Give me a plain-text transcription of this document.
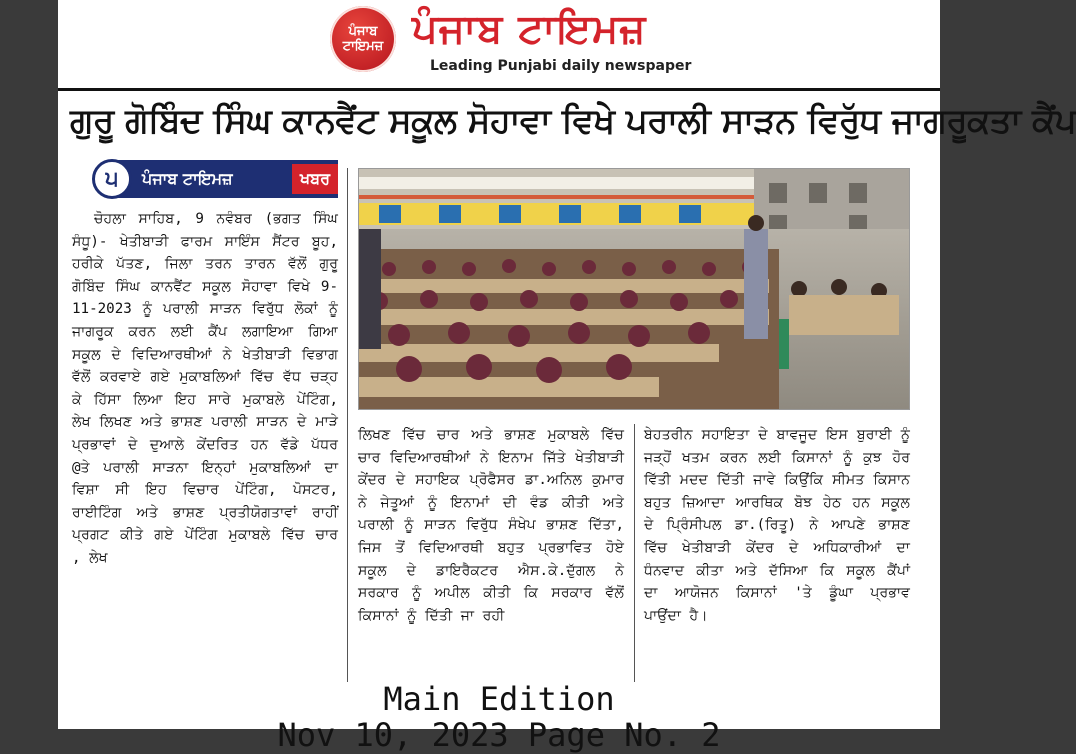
ਪੰਜਾਬ
ਟਾਇਮਜ਼ ਪੰਜਾਬ ਟਾਇਮਜ਼
Leading Punjabi daily newspaper
ਗੁਰੂ ਗੋਬਿੰਦ ਸਿੰਘ ਕਾਨਵੈਂਟ ਸਕੂਲ ਸੋਹਾਵਾ ਵਿਖੇ ਪਰਾਲੀ ਸਾੜਨ ਵਿਰੁੱਧ ਜਾਗਰੂਕਤਾ ਕੈਂਪ
੫	ਪੰਜਾਬ ਟਾਇਮਜ਼	ਖਬਰ

ਚੋਹਲਾ ਸਾਹਿਬ, 9 ਨਵੰਬਰ (ਭਗਤ ਸਿੰਘ ਸੰਧੂ)- ਖੇਤੀਬਾੜੀ ਫਾਰਮ ਸਾਇੰਸ ਸੈਂਟਰ ਬੂਹ, ਹਰੀਕੇ ਪੱਤਣ, ਜਿਲਾ ਤਰਨ ਤਾਰਨ ਵੱਲੋਂ ਗੁਰੂ ਗੋਬਿੰਦ ਸਿੰਘ ਕਾਨਵੈਂਟ ਸਕੂਲ ਸੋਹਾਵਾ ਵਿਖੇ 9-11-2023 ਨੂੰ ਪਰਾਲੀ ਸਾੜਨ ਵਿਰੁੱਧ ਲੋਕਾਂ ਨੂੰ ਜਾਗਰੂਕ ਕਰਨ ਲਈ ਕੈਂਪ ਲਗਾਇਆ ਗਿਆ ਸਕੂਲ ਦੇ ਵਿਦਿਆਰਥੀਆਂ ਨੇ ਖੇਤੀਬਾੜੀ ਵਿਭਾਗ ਵੱਲੋਂ ਕਰਵਾਏ ਗਏ ਮੁਕਾਬਲਿਆਂ ਵਿੱਚ ਵੱਧ ਚੜ੍ਹ ਕੇ ਹਿੱਸਾ ਲਿਆ ਇਹ ਸਾਰੇ ਮੁਕਾਬਲੇ ਪੇਂਟਿੰਗ, ਲੇਖ ਲਿਖਣ ਅਤੇ ਭਾਸ਼ਣ ਪਰਾਲੀ ਸਾੜਨ ਦੇ ਮਾੜੇ ਪ੍ਰਭਾਵਾਂ ਦੇ ਦੁਆਲੇ ਕੇਂਦਰਿਤ ਹਨ ਵੱਡੇ ਪੱਧਰ @ਤੇ ਪਰਾਲੀ ਸਾੜਨਾ ਇਨ੍ਹਾਂ ਮੁਕਾਬਲਿਆਂ ਦਾ ਵਿਸ਼ਾ ਸੀ ਇਹ ਵਿਚਾਰ ਪੇਂਟਿੰਗ, ਪੋਸਟਰ, ਰਾਈਟਿੰਗ ਅਤੇ ਭਾਸ਼ਣ ਪ੍ਰਤੀਯੋਗਤਾਵਾਂ ਰਾਹੀਂ ਪ੍ਰਗਟ ਕੀਤੇ ਗਏ ਪੇਂਟਿੰਗ ਮੁਕਾਬਲੇ ਵਿੱਚ ਚਾਰ , ਲੇਖ

ਲਿਖਣ ਵਿੱਚ ਚਾਰ ਅਤੇ ਭਾਸ਼ਣ ਮੁਕਾਬਲੇ ਵਿੱਚ ਚਾਰ ਵਿਦਿਆਰਥੀਆਂ ਨੇ ਇਨਾਮ ਜਿੱਤੇ ਖੇਤੀਬਾੜੀ ਕੇਂਦਰ ਦੇ ਸਹਾਇਕ ਪ੍ਰੋਫੈਸਰ ਡਾ.ਅਨਿਲ ਕੁਮਾਰ ਨੇ ਜੇਤੂਆਂ ਨੂੰ ਇਨਾਮਾਂ ਦੀ ਵੰਡ ਕੀਤੀ ਅਤੇ ਪਰਾਲੀ ਨੂੰ ਸਾੜਨ ਵਿਰੁੱਧ ਸੰਖੇਪ ਭਾਸ਼ਣ ਦਿੱਤਾ, ਜਿਸ ਤੋਂ ਵਿਦਿਆਰਥੀ ਬਹੁਤ ਪ੍ਰਭਾਵਿਤ ਹੋਏ ਸਕੂਲ ਦੇ ਡਾਇਰੈਕਟਰ ਐਸ.ਕੇ.ਦੁੱਗਲ ਨੇ ਸਰਕਾਰ ਨੂੰ ਅਪੀਲ ਕੀਤੀ ਕਿ ਸਰਕਾਰ ਵੱਲੋਂ ਕਿਸਾਨਾਂ ਨੂੰ ਦਿੱਤੀ ਜਾ ਰਹੀ

ਬੇਹਤਰੀਨ ਸਹਾਇਤਾ ਦੇ ਬਾਵਜੂਦ ਇਸ ਬੁਰਾਈ ਨੂੰ ਜੜ੍ਹੋਂ ਖਤਮ ਕਰਨ ਲਈ ਕਿਸਾਨਾਂ ਨੂੰ ਕੁਝ ਹੋਰ ਵਿੱਤੀ ਮਦਦ ਦਿੱਤੀ ਜਾਵੇ ਕਿਉਂਕਿ ਸੀਮਤ ਕਿਸਾਨ ਬਹੁਤ ਜ਼ਿਆਦਾ ਆਰਥਿਕ ਬੋਝ ਹੇਠ ਹਨ ਸਕੂਲ ਦੇ ਪ੍ਰਿੰਸੀਪਲ ਡਾ.(ਰਿਤੂ) ਨੇ ਆਪਣੇ ਭਾਸ਼ਣ ਵਿੱਚ ਖੇਤੀਬਾੜੀ ਕੇਂਦਰ ਦੇ ਅਧਿਕਾਰੀਆਂ ਦਾ ਧੰਨਵਾਦ ਕੀਤਾ ਅਤੇ ਦੱਸਿਆ ਕਿ ਸਕੂਲ ਕੈਂਪਾਂ ਦਾ ਆਯੋਜਨ ਕਿਸਾਨਾਂ 'ਤੇ ਡੂੰਘਾ ਪ੍ਰਭਾਵ ਪਾਉਂਦਾ ਹੈ।

Main Edition
Nov 10, 2023 Page No. 2
